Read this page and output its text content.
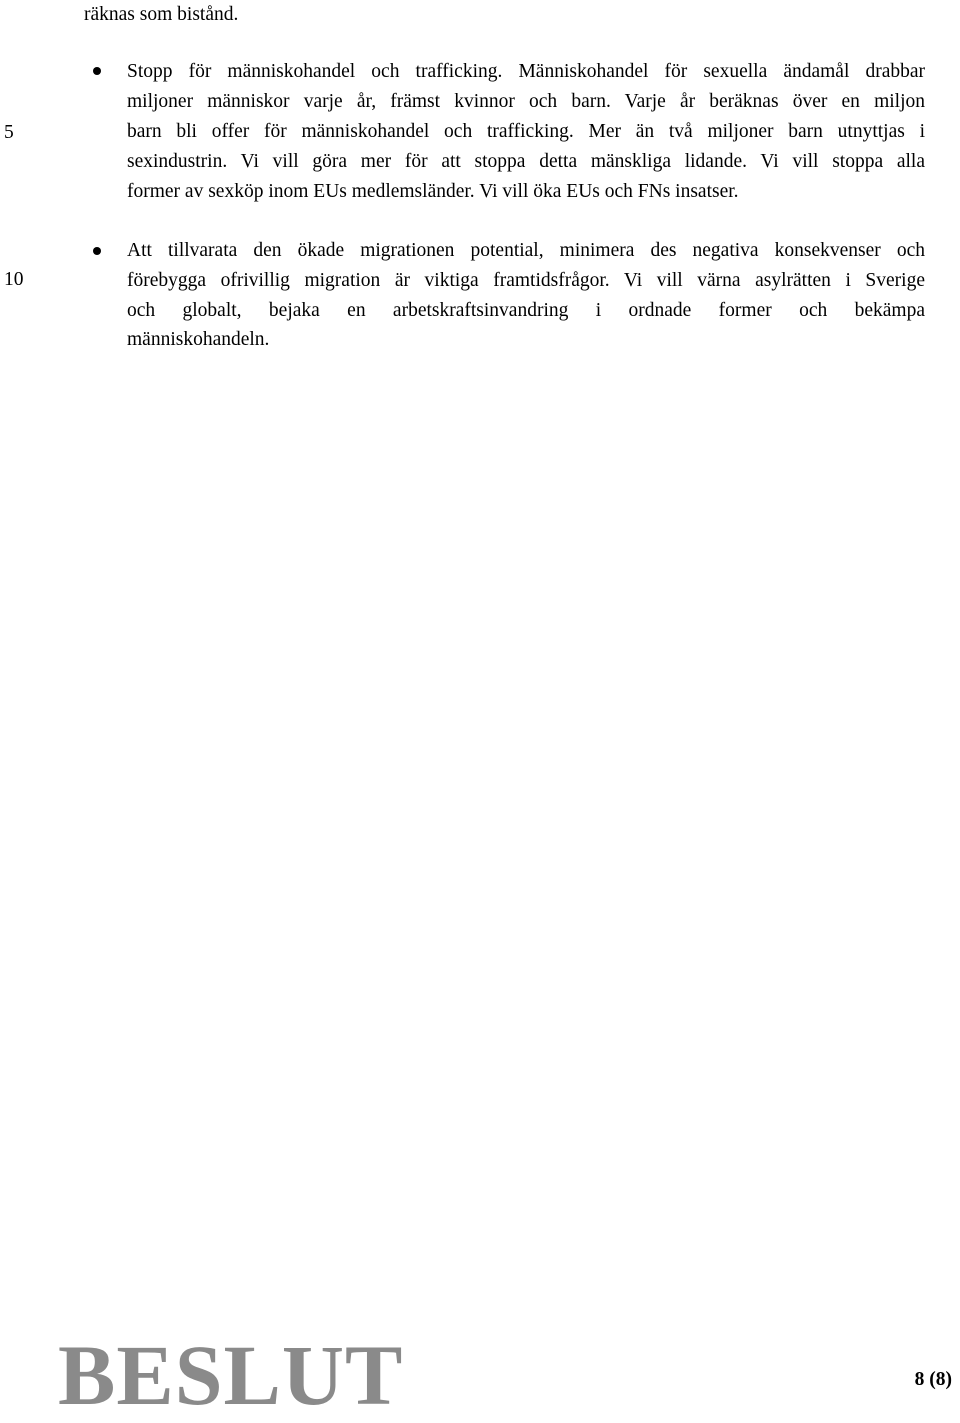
räknas som bistånd.
5
10
Stopp för människohandel och trafficking. Människohandel för sexuella ändamål drabbar
miljoner människor varje år, främst kvinnor och barn. Varje år beräknas över en miljon
barn bli offer för människohandel och trafficking. Mer än två miljoner barn utnyttjas i
sexindustrin. Vi vill göra mer för att stoppa detta mänskliga lidande. Vi vill stoppa alla
former av sexköp inom EUs medlemsländer. Vi vill öka EUs och FNs insatser.
Att tillvarata den ökade migrationen potential, minimera des negativa konsekvenser och
förebygga ofrivillig migration är viktiga framtidsfrågor. Vi vill värna asylrätten i Sverige
och globalt, bejaka en arbetskraftsinvandring i ordnade former och bekämpa
människohandeln.
BESLUT	8 (8)
